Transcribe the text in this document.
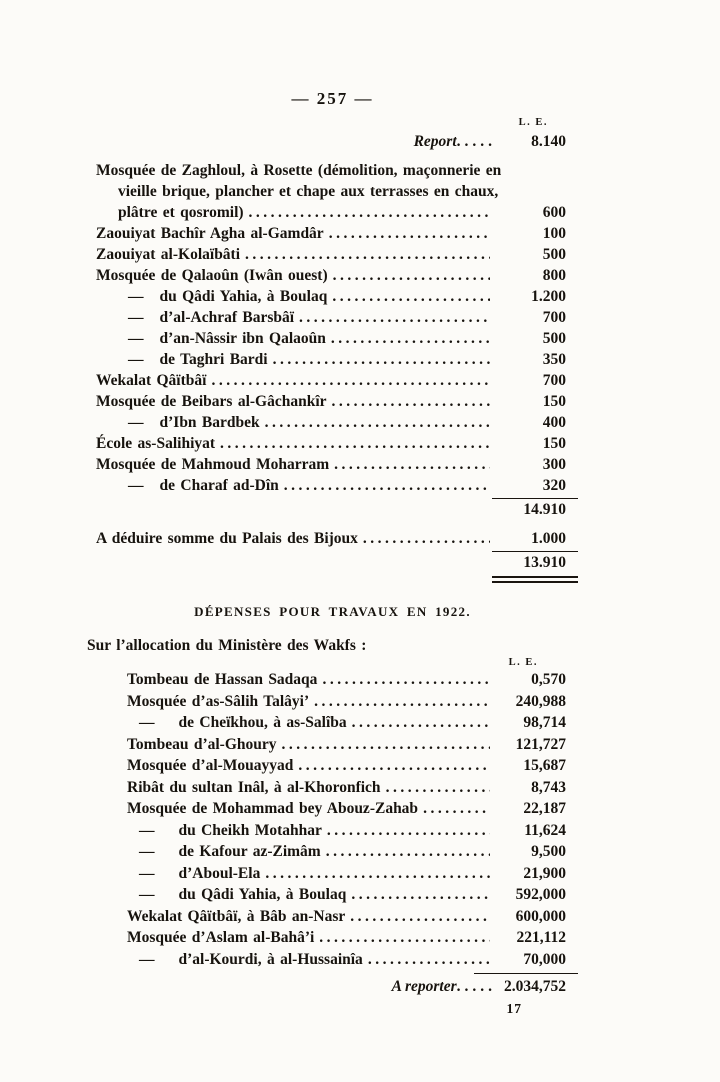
— 257 —
L. E.
Report .....	8.140
Mosquée de Zaghloul, à Rosette (démolition, maçonnerie en
vieille brique, plancher et chape aux terrasses en chaux,
plâtre et qosromil) .....	600
Zaouiyat Bachîr Agha al-Gamdâr .....	100
Zaouiyat al-Kolaïbâti .....	500
Mosquée de Qalaoûn (Iwân ouest) .....	800
— du Qâdi Yahia, à Boulaq .....	1.200
— d’al-Achraf Barsbâï .....	700
— d’an-Nâssir ibn Qalaoûn .....	500
— de Taghri Bardi .....	350
Wekalat Qâïtbâï .....	700
Mosquée de Beibars al-Gâchankîr .....	150
— d’Ibn Bardbek .....	400
École as-Salihiyat .....	150
Mosquée de Mahmoud Moharram .....	300
— de Charaf ad-Dîn .....	320
14.910
A déduire somme du Palais des Bijoux .....	1.000
13.910
DÉPENSES POUR TRAVAUX EN 1922.
Sur l’allocation du Ministère des Wakfs :
L. E.
Tombeau de Hassan Sadaqa .....	0,570
Mosquée d’as-Sâlih Talâyi’ .....	240,988
— de Cheïkhou, à as-Salîba .....	98,714
Tombeau d’al-Ghoury .....	121,727
Mosquée d’al-Mouayyad .....	15,687
Ribât du sultan Inâl, à al-Khoronfich .....	8,743
Mosquée de Mohammad bey Abouz-Zahab .....	22,187
— du Cheikh Motahhar .....	11,624
— de Kafour az-Zimâm .....	9,500
— d’Aboul-Ela .....	21,900
— du Qâdi Yahia, à Boulaq .....	592,000
Wekalat Qâïtbâï, à Bâb an-Nasr .....	600,000
Mosquée d’Aslam al-Bahâ’i .....	221,112
— d’al-Kourdi, à al-Hussainîa .....	70,000
A reporter .....	2.034,752
17
